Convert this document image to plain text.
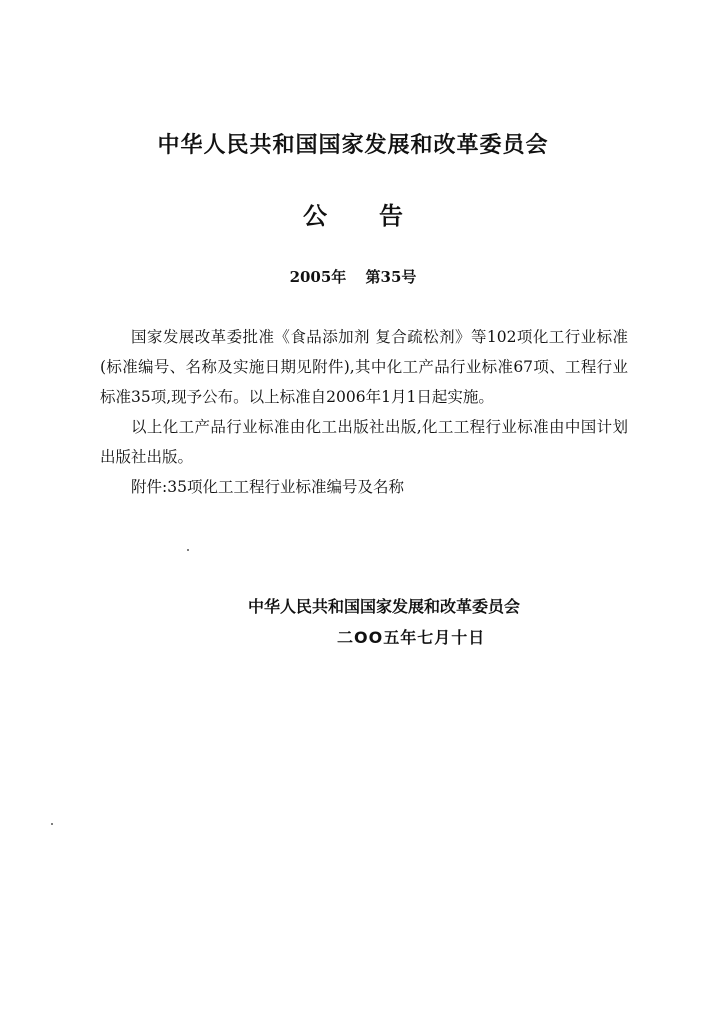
中华人民共和国国家发展和改革委员会
公告
2005年 第35号

国家发展改革委批准《食品添加剂 复合疏松剂》等102项化工行业标准(标准编号、名称及实施日期见附件),其中化工产品行业标准67项、工程行业标准35项,现予公布。以上标准自2006年1月1日起实施。

以上化工产品行业标准由化工出版社出版,化工工程行业标准由中国计划出版社出版。

附件:35项化工工程行业标准编号及名称

中华人民共和国国家发展和改革委员会
二OO五年七月十日
